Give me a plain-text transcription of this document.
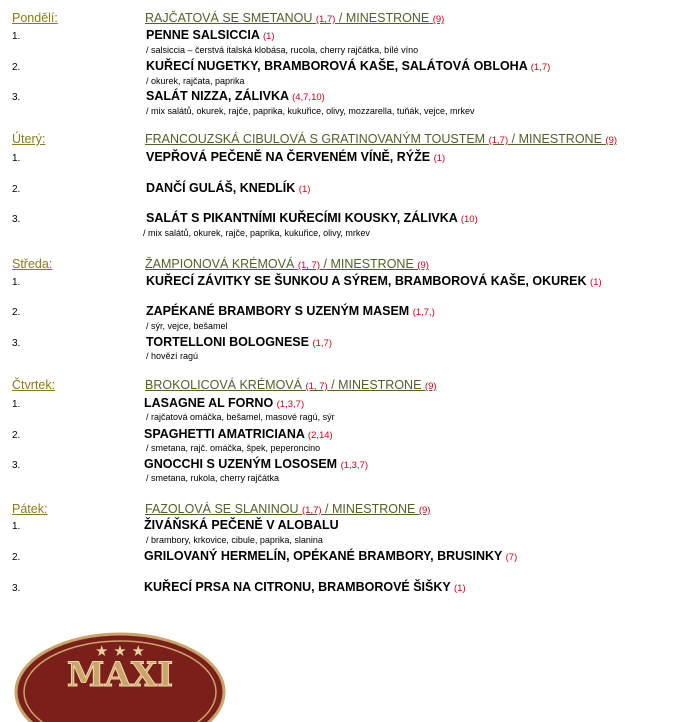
Pondělí:	RAJČATOVÁ SE SMETANOU (1,7) / MINESTRONE (9)
1.	PENNE SALSICCIA (1)
/ salsiccia – čerstvá italská klobása, rucola, cherry rajčátka, bílé víno
2.	KUŘECÍ NUGETKY, BRAMBOROVÁ KAŠE, SALÁTOVÁ OBLOHA (1,7)
/ okurek, rajčata, paprika
3.	SALÁT NIZZA, ZÁLIVKA (4,7,10)
/ mix salátů, okurek, rajče, paprika, kukuřice, olivy, mozzarella, tuňák, vejce, mrkev
Úterý:	FRANCOUZSKÁ CIBULOVÁ S GRATINOVANÝM TOUSTEM (1,7) / MINESTRONE (9)
1.	VEPŘOVÁ PEČENĚ NA ČERVENÉM VÍNĚ, RÝŽE (1)
2.	DANČÍ GULÁŠ, KNEDLÍK (1)
3.	SALÁT S PIKANTNÍMI KUŘECÍMI KOUSKY, ZÁLIVKA (10)
/ mix salátů, okurek, rajče, paprika, kukuřice, olivy, mrkev
Středa:	ŽAMPIONOVÁ KRÉMOVÁ (1, 7) / MINESTRONE (9)
1.	KUŘECÍ ZÁVITKY SE ŠUNKOU A SÝREM, BRAMBOROVÁ KAŠE, OKUREK (1)
2.	ZAPÉKANÉ BRAMBORY S UZENÝM MASEM (1,7,)
/ sýr, vejce, bešamel
3.	TORTELLONI BOLOGNESE (1,7)
/ hovězí ragú
Čtvrtek:	BROKOLICOVÁ KRÉMOVÁ (1, 7) / MINESTRONE (9)
1.	LASAGNE AL FORNO (1,3,7)
/ rajčatová omáčka, bešamel, masové ragú, sýr
2.	SPAGHETTI AMATRICIANA (2,14)
/ smetana, rajč. omáčka, špek, peperoncino
3.	GNOCCHI S UZENÝM LOSOSEM (1,3,7)
/ smetana, rukola, cherry rajčátka
Pátek:	FAZOLOVÁ SE SLANINOU (1,7) / MINESTRONE (9)
1.	ŽIVÁŇSKÁ PEČENĚ V ALOBALU
/ brambory, krkovice, cibule, paprika, slanina
2.	GRILOVANÝ HERMELÍN, OPÉKANÉ BRAMBORY, BRUSINKY (7)
3.	KUŘECÍ PRSA NA CITRONU, BRAMBOROVÉ ŠIŠKY (1)
★ ★ ★
MAXI
